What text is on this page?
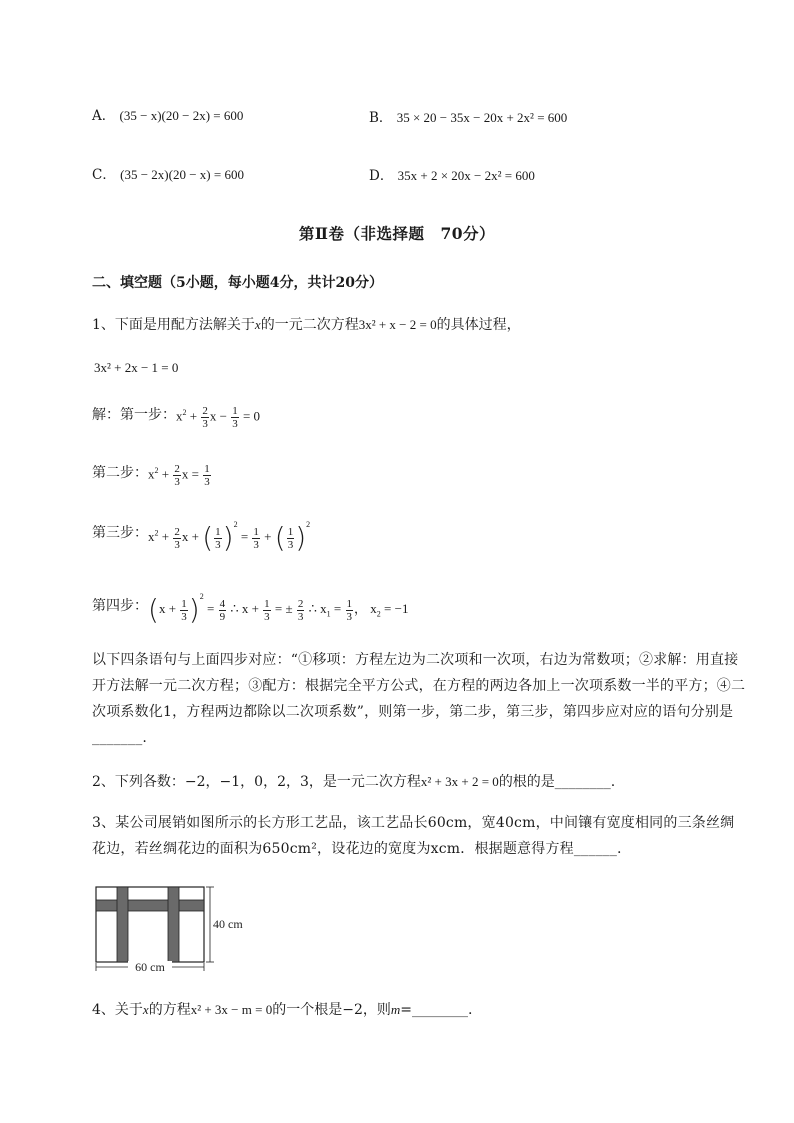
A． (35 − x)(20 − 2x) = 600	B． 35 × 20 − 35x − 20x + 2x² = 600
C． (35 − 2x)(20 − x) = 600	D． 35x + 2 × 20x − 2x² = 600
第Ⅱ卷（非选择题　70分）
二、填空题（5小题，每小题4分，共计20分）
1、下面是用配方法解关于x的一元二次方程3x² + x − 2 = 0的具体过程，
3x² + 2x − 1 = 0
解：第一步： $x^2 + \frac{2}{3}$ $x - \frac{1}{3} = 0$
第二步： $x^2 + \frac{2}{3}$ $x = \frac{1}{3}$
第三步： $x^2 + \frac{2}{3}$ x + ( $\frac{1}{3} )^2 = \frac{1}{3}$ + ( $\frac{1}{3} )^2$
第四步： $(x + \frac{1}{3} )^2 = \frac{4}{9}$ ∴ $x + \frac{1}{3}$ = ± $\frac{2}{3}$ ∴ $x_1 = \frac{1}{3}$ ， $x_2 = -1$
以下四条语句与上面四步对应：“①移项：方程左边为二次项和一次项，右边为常数项；②求解：用直接开方法解一元二次方程；③配方：根据完全平方公式，在方程的两边各加上一次项系数一半的平方；④二次项系数化1，方程两边都除以二次项系数”，则第一步，第二步，第三步，第四步应对应的语句分别是_______.
2、下列各数：−2，−1，0，2，3，是一元二次方程x² + 3x + 2 = 0的根的是________.
3、某公司展销如图所示的长方形工艺品，该工艺品长60cm，宽40cm，中间镶有宽度相同的三条丝绸花边，若丝绸花边的面积为650cm²，设花边的宽度为xcm．根据题意得方程______.
40 cm
60 cm
4、关于x的方程x² + 3x − m = 0的一个根是−2，则m=________.
